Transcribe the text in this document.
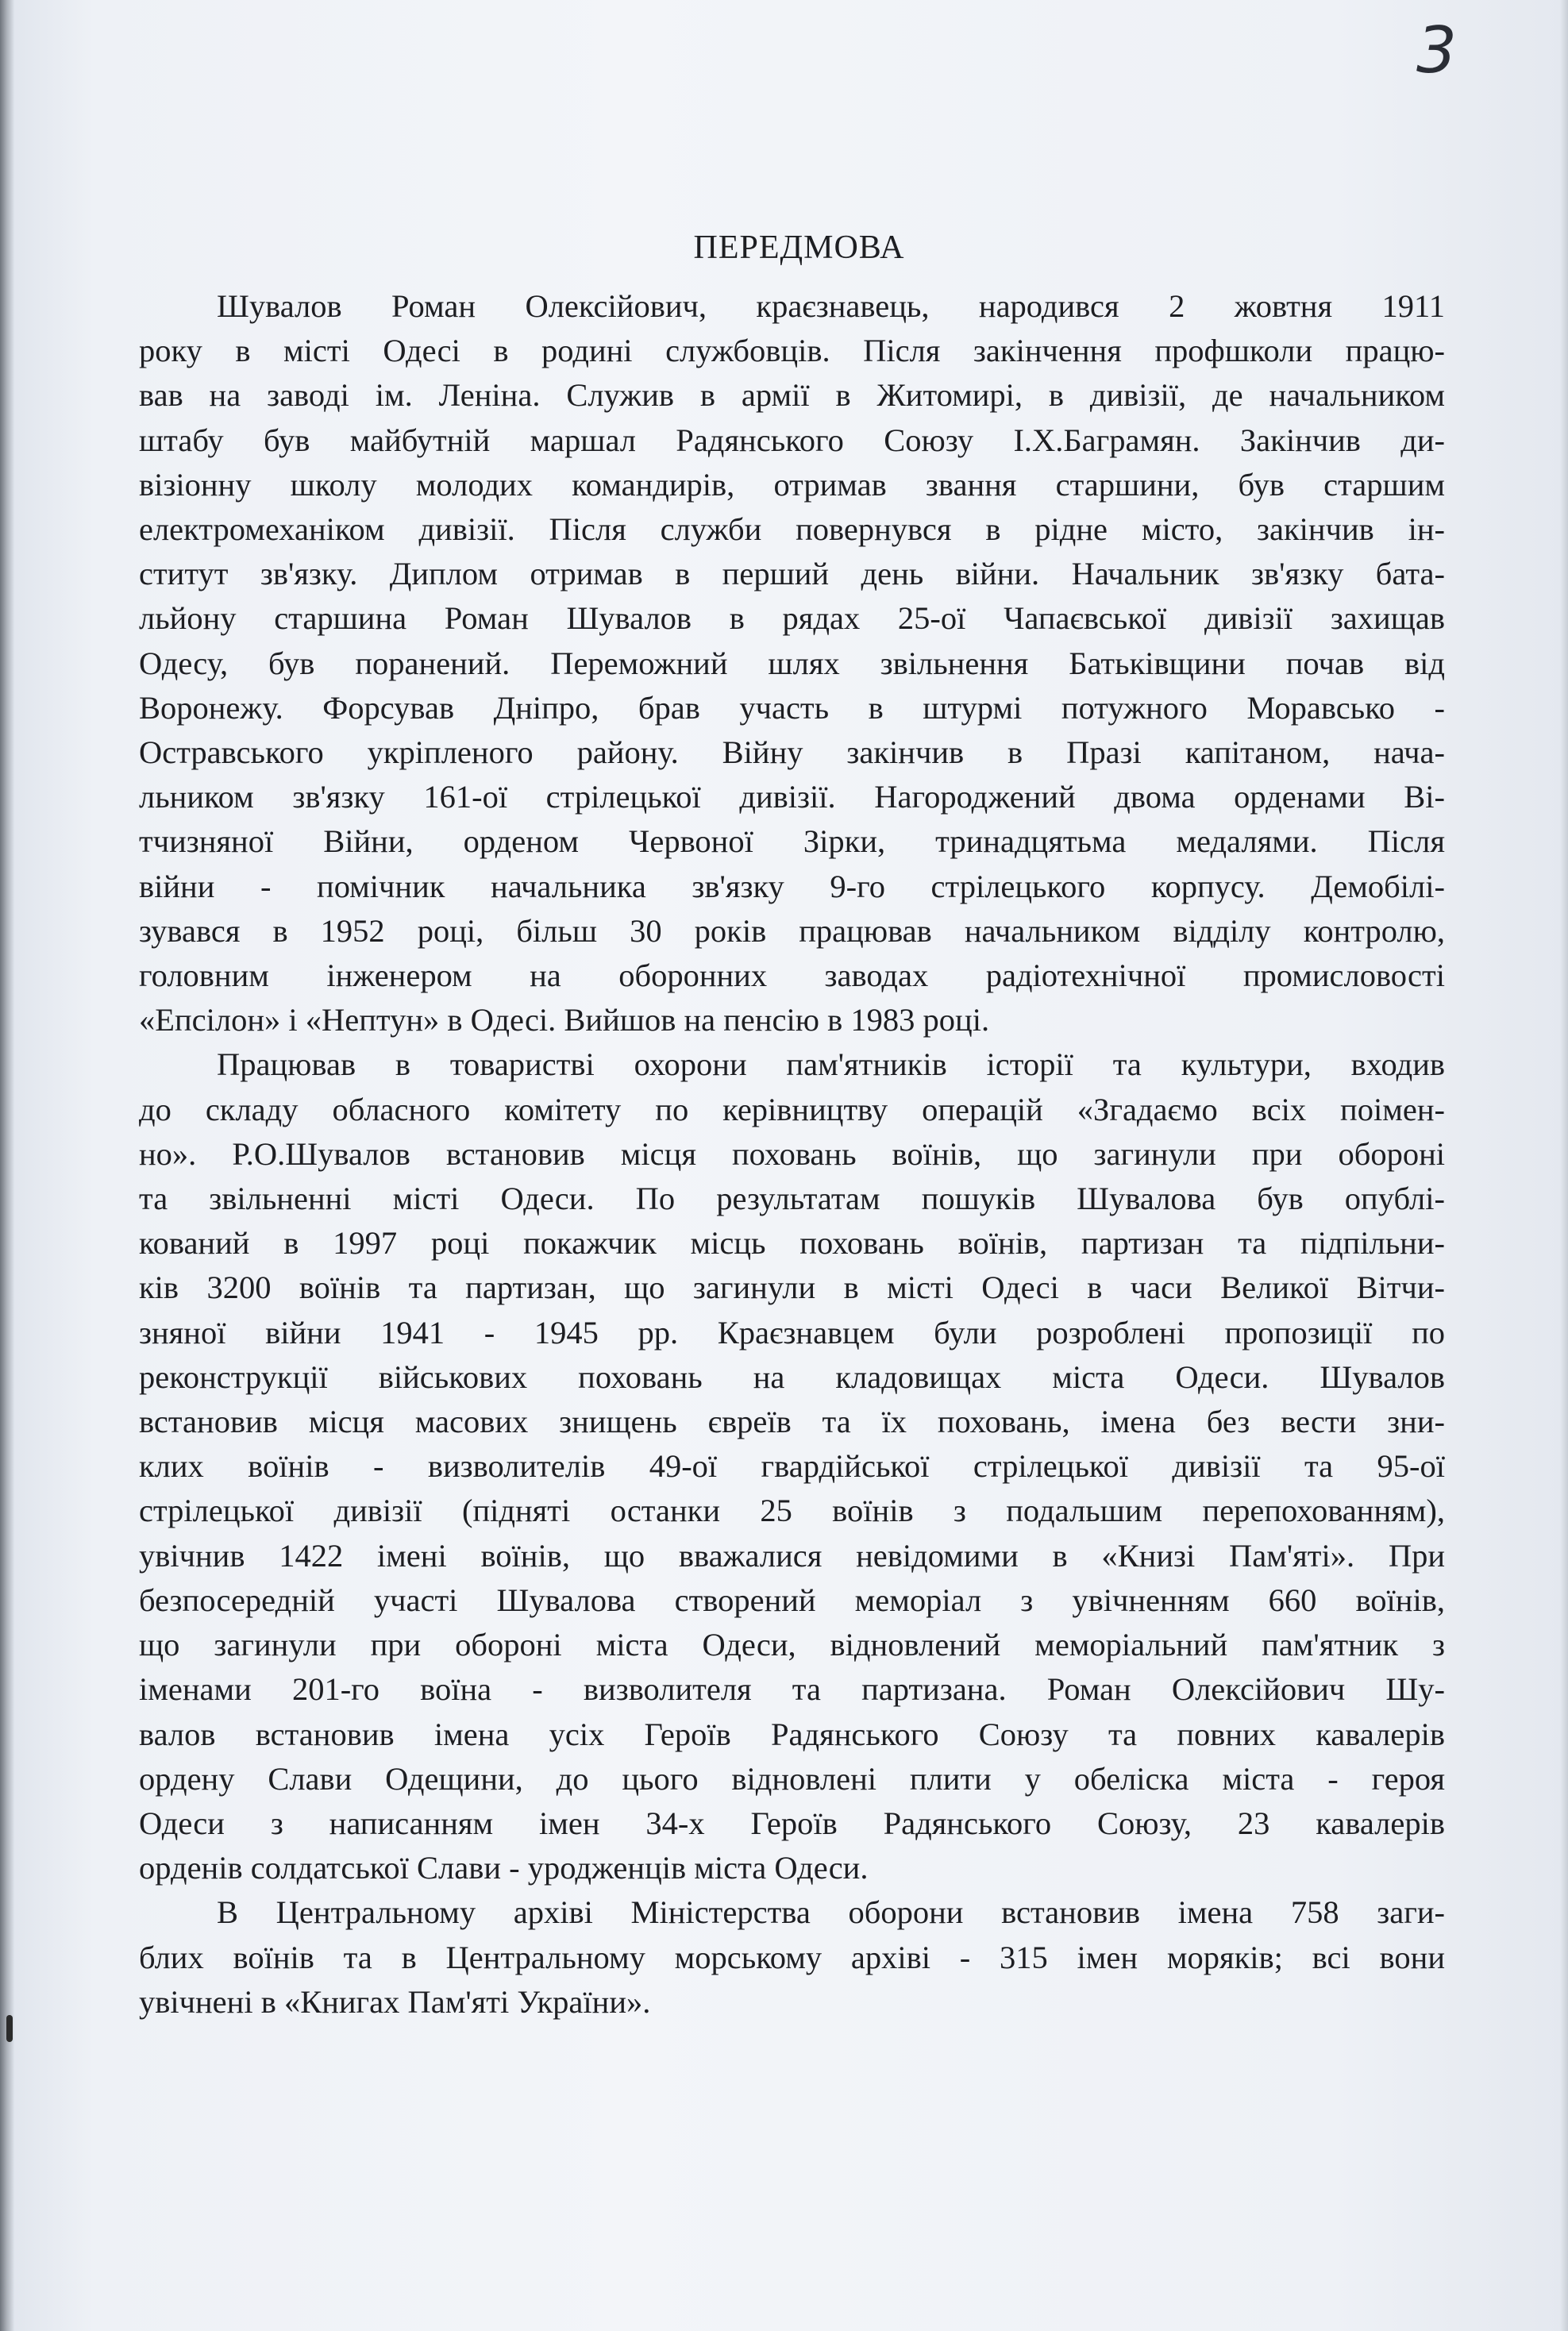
3
ПЕРЕДМОВА
Шувалов Роман Олексійович, краєзнавець, народився 2 жовтня 1911
року в місті Одесі в родині службовців. Після закінчення профшколи працю-
вав на заводі ім. Леніна. Служив в армії в Житомирі, в дивізії, де начальником
штабу був майбутній маршал Радянського Союзу І.Х.Баграмян. Закінчив ди-
візіонну школу молодих командирів, отримав звання старшини, був старшим
електромеханіком дивізії. Після служби повернувся в рідне місто, закінчив ін-
ститут зв'язку. Диплом отримав в перший день війни. Начальник зв'язку бата-
льйону старшина Роман Шувалов в рядах 25-ої Чапаєвської дивізії захищав
Одесу, був поранений. Переможний шлях звільнення Батьківщини почав від
Воронежу. Форсував Дніпро, брав участь в штурмі потужного Моравсько -
Остравського укріпленого району. Війну закінчив в Празі капітаном, нача-
льником зв'язку 161-ої стрілецької дивізії. Нагороджений двома орденами Ві-
тчизняної Війни, орденом Червоної Зірки, тринадцятьма медалями. Після
війни - помічник начальника зв'язку 9-го стрілецького корпусу. Демобілі-
зувався в 1952 році, більш 30 років працював начальником відділу контролю,
головним інженером на оборонних заводах радіотехнічної промисловості
«Епсілон» і «Нептун» в Одесі. Вийшов на пенсію в 1983 році.
Працював в товаристві охорони пам'ятників історії та культури, входив
до складу обласного комітету по керівництву операцій «Згадаємо всіх поімен-
но». Р.О.Шувалов встановив місця поховань воїнів, що загинули при обороні
та звільненні місті Одеси. По результатам пошуків Шувалова був опублі-
кований в 1997 році покажчик місць поховань воїнів, партизан та підпільни-
ків 3200 воїнів та партизан, що загинули в місті Одесі в часи Великої Вітчи-
зняної війни 1941 - 1945 рр. Краєзнавцем були розроблені пропозиції по
реконструкції військових поховань на кладовищах міста Одеси. Шувалов
встановив місця масових знищень євреїв та їх поховань, імена без вести зни-
клих воїнів - визволителів 49-ої гвардійської стрілецької дивізії та 95-ої
стрілецької дивізії (підняті останки 25 воїнів з подальшим перепохованням),
увічнив 1422 імені воїнів, що вважалися невідомими в «Книзі Пам'яті». При
безпосередній участі Шувалова створений меморіал з увічненням 660 воїнів,
що загинули при обороні міста Одеси, відновлений меморіальний пам'ятник з
іменами 201-го воїна - визволителя та партизана. Роман Олексійович Шу-
валов встановив імена усіх Героїв Радянського Союзу та повних кавалерів
ордену Слави Одещини, до цього відновлені плити у обеліска міста - героя
Одеси з написанням імен 34-х Героїв Радянського Союзу, 23 кавалерів
орденів солдатської Слави - уродженців міста Одеси.
В Центральному архіві Міністерства оборони встановив імена 758 заги-
блих воїнів та в Центральному морському архіві - 315 імен моряків; всі вони
увічнені в «Книгах Пам'яті України».
